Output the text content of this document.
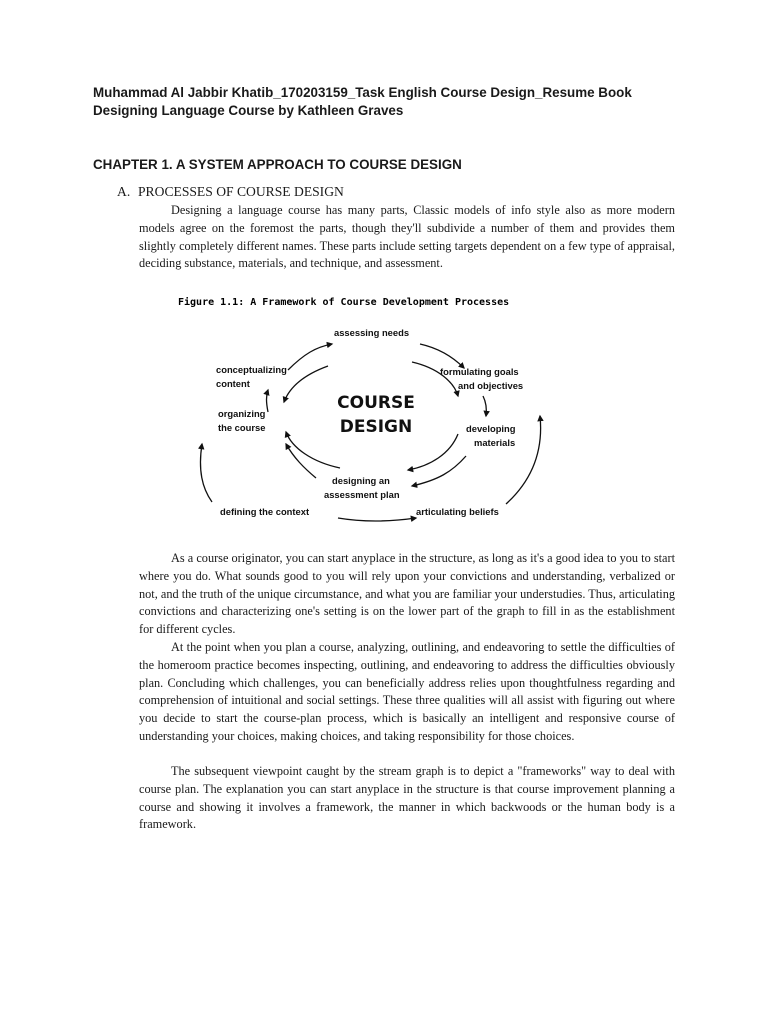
Muhammad Al Jabbir Khatib_170203159_Task English Course Design_Resume Book
Designing Language Course by Kathleen Graves
CHAPTER 1. A SYSTEM APPROACH TO COURSE DESIGN
A. PROCESSES OF COURSE DESIGN

Designing a language course has many parts, Classic models of info style also as more modern models agree on the foremost the parts, though they'll subdivide a number of them and provides them slightly completely different names. These parts include setting targets dependent on a few type of appraisal, deciding substance, materials, and technique, and assessment.

Figure 1.1: A Framework of Course Development Processes
assessing needs
formulating goals
and objectives
developing
materials
designing an
assessment plan
organizing
the course
conceptualizing
content
defining the context	articulating beliefs
COURSE
DESIGN

As a course originator, you can start anyplace in the structure, as long as it's a good idea to you to start where you do. What sounds good to you will rely upon your convictions and understanding, verbalized or not, and the truth of the unique circumstance, and what you are familiar your understudies. Thus, articulating convictions and characterizing one's setting is on the lower part of the graph to fill in as the establishment for different cycles.

At the point when you plan a course, analyzing, outlining, and endeavoring to settle the difficulties of the homeroom practice becomes inspecting, outlining, and endeavoring to address the difficulties obviously plan. Concluding which challenges, you can beneficially address relies upon thoughtfulness regarding and comprehension of intuitional and social settings. These three qualities will all assist with figuring out where you decide to start the course-plan process, which is basically an intelligent and responsive course of understanding your choices, making choices, and taking responsibility for those choices.

The subsequent viewpoint caught by the stream graph is to depict a "frameworks" way to deal with course plan. The explanation you can start anyplace in the structure is that course improvement planning a course and showing it involves a framework, the manner in which backwoods or the human body is a framework.
